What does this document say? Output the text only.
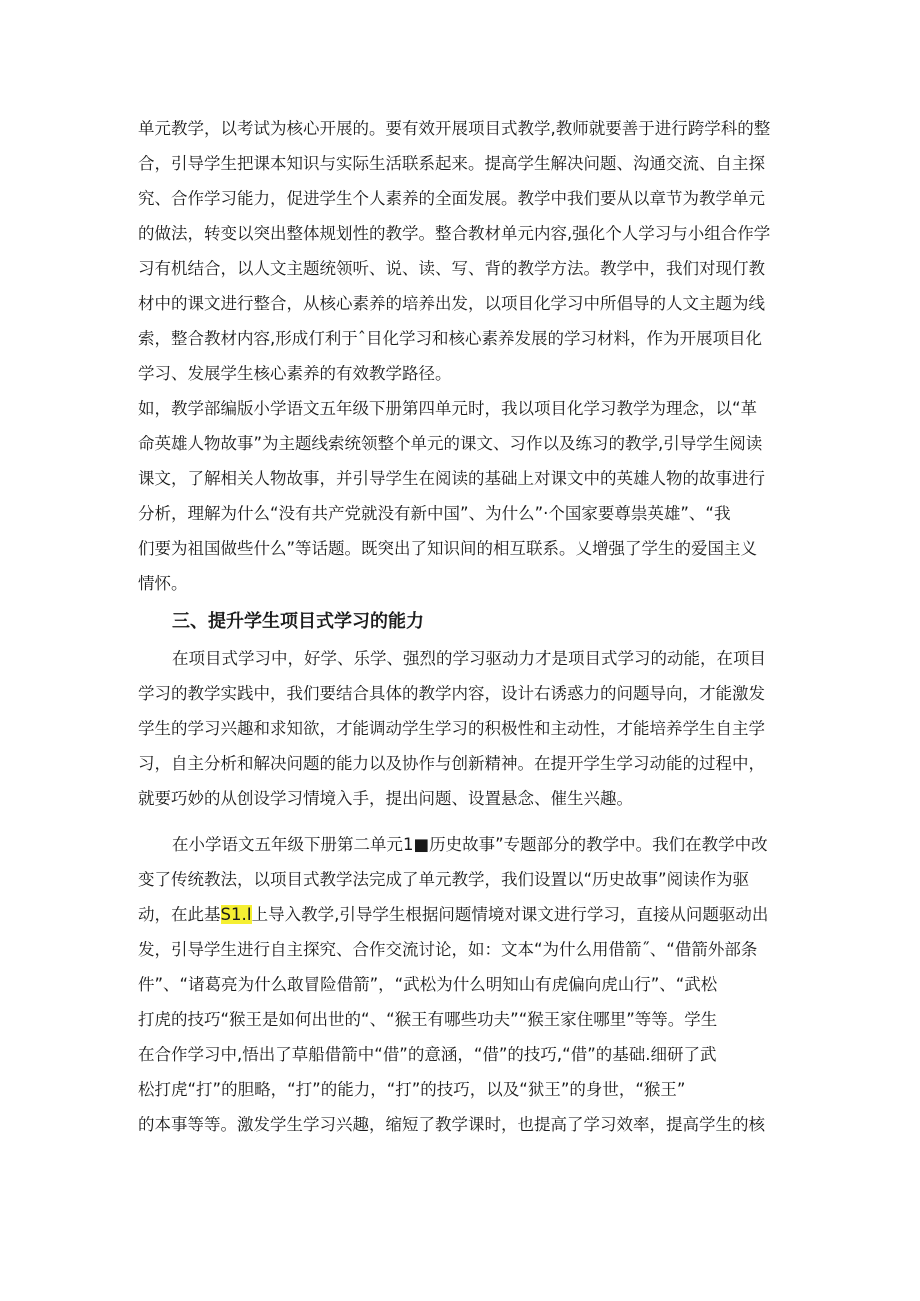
单元教学，以考试为核心开展的。要有效开展项目式教学,教师就要善于进行跨学科的整
合，引导学生把课本知识与实际生活联系起来。提高学生解决问题、沟通交流、自主探
究、合作学习能力，促进学生个人素养的全面发展。教学中我们要从以章节为教学单元
的做法，转变以突出整体规划性的教学。整合教材单元内容,强化个人学习与小组合作学
习有机结合，以人文主题统领听、说、读、写、背的教学方法。教学中，我们对现仃教
材中的课文进行整合，从核心素养的培养出发，以项目化学习中所倡导的人文主题为线
索，整合教材内容,形成仃利于ˆ目化学习和核心素养发展的学习材料，作为开展项目化
学习、发展学生核心素养的有效教学路径。
如，教学部编版小学语文五年级下册第四单元时，我以项目化学习教学为理念，以“革
命英雄人物故事”为主题线索统领整个单元的课文、习作以及练习的教学,引导学生阅读
课文，了解相关人物故事，并引导学生在阅读的基础上对课文中的英雄人物的故事进行
分析，理解为什么“没有共产党就没有新中国”、为什么”·个国家要尊祟英雄”、“我
们要为祖国做些什么”等话题。既突出了知识间的相互联系。乂增强了学生的爱国主义
情怀。
三、提升学生项目式学习的能力
在项目式学习中，好学、乐学、强烈的学习驱动力才是项目式学习的动能，在项目
学习的教学实践中，我们要结合具体的教学内容，设计右诱惑力的问题导向，才能激发
学生的学习兴趣和求知欲，才能调动学生学习的积极性和主动性，才能培养学生自主学
习，自主分析和解决问题的能力以及协作与创新精神。在提开学生学习动能的过程中，
就要巧妙的从创设学习情境入手，提出问题、设置悬念、催生兴趣。
在小学语文五年级下册第二单元1■历史故事”专题部分的教学中。我们在教学中改
变了传统教法，以项目式教学法完成了单元教学，我们设置以“历史故事”阅读作为驱
动，在此基S1.I上导入教学,引导学生根据问题情境对课文进行学习，直接从问题驱动出
发，引导学生进行自主探究、合作交流讨论，如：文本“为什么用借箭˝、“借箭外部条
件”、“诸葛亮为什么敢冒险借箭”，“武松为什么明知山有虎偏向虎山行”、“武松
打虎的技巧“猴王是如何出世的“、“猴王有哪些功夫”“猴王家住哪里”等等。学生
在合作学习中,悟出了草船借箭中“借”的意涵，“借”的技巧,“借”的基础.细研了武
松打虎“打”的胆略，“打”的能力，“打”的技巧，以及“狱王”的身世，“猴王”
的本事等等。激发学生学习兴趣，缩短了教学课时，也提高了学习效率，提高学生的核
